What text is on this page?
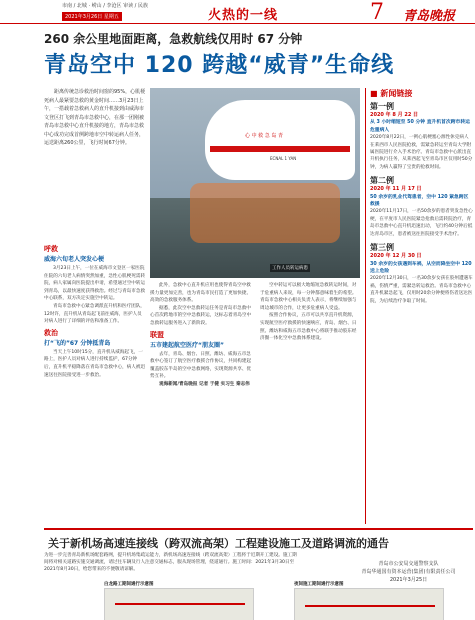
市南 / 北城 · 崂山 / 李沧区 审读 / 民族
2021年3月26日 星期五	火热的一线	7 青岛晚报
260 余公里地面距离，急救航线仅用时 67 分钟
青岛空中 120 跨越“威青”生命线
距离传统急诊救治时间窗的95%，心肌梗死病人最紧要急救的黄金时间……3月23日上午，一搭载着急救病人的直升机接到由威海市文登区打飞到青岛市急救中心，在那一团刚被青岛市急救中心直升机接的地方，青岛市急救中心成功完成首例跨地市空中转运病人任务，运送距离260公里，飞行时间67分钟。
心 中 救 急 岛 青
ECNAL 1 YAN
工作人员转运病患
呼救
威海六旬老人突发心梗

3月23日上午，一位在威海市文登区一家医院住院的六旬老人病情突然加重，急性心肌梗死需转院，病人家属向医院提出申请，希望通过空中转运到青岛，以最快速度获得救治。经过与青岛市急救中心联系，双方决定实施空中转运。

青岛市急救中心紧急调派直升机和医疗团队，12时许，直升机从青岛起飞前往威海，医护人员对病人进行了详细的评估和准备工作。

救治
打“飞的”67 分钟抵青岛

当天上午10时15分，直升机从威海起飞，一路上，医护人员对病人进行持续监护，67分钟后，直升机平稳降落在青岛市急救中心，病人被迅速送往医院接受进一步救治。

此外，急救中心直升机应用也使得青岛空中救援力量更加完善，也为青岛市民打造了更加快捷、高效的急救服务体系。

据悉，此次空中急救转运任务是青岛市急救中心首次跨地市的空中急救转运，这标志着青岛空中急救转运服务进入了新阶段。

联盟
五市建起航空医疗“朋友圈”

去年，青岛、烟台、日照、潍坊、威海五市急救中心签订了航空医疗救援合作协议，共同构建起覆盖胶东半岛的空中急救网络，实现资源共享、优势互补。

观海新闻/青岛晚报 记者 于健 实习生 秦志伟

空中转运可以极大地缩短急救转运时间，对于危重病人来说，每一分钟都意味着生的希望。青岛市急救中心相关负责人表示，将继续加强与周边城市的合作，让更多危重病人受益。

按照合作协议，五市可以共享直升机资源，实现航空医疗救援的快速响应，青岛、烟台、日照、潍坊和威海五市急救中心将联手推动胶东经济圈一体化空中急救体系建设。

■ 新闻链接
第一例
2020 年 8 月 22 日
从 3 小时缩短至 50 分钟 直升机首次跨市转运危重病人
2020年8月22日，一例心肌梗塞心源性休克病人在莱西市人民医院抢救，需紧急转运至青岛大学附属医院进行介入手术治疗。青岛市急救中心派出直升机执行任务，从莱西起飞至青岛市区仅用时50分钟，为病人赢得了宝贵的抢救时间。
第二例
2020 年 11 月 17 日
50 余岁的乳业代驾患者，空中 120 紧急跨区救援
2020年11月17日，一名50余岁的患者突发急性心梗，在平度市人民医院紧急抢救后需转院治疗，青岛市急救中心直升机迅速出动，飞行约40分钟后抵达青岛市区，患者被送往医院接受手术治疗。
第三例
2020 年 12 月 30 日
30 余岁的女孩遇到车祸，从空而降坐空中 120 送上危险
2020年12月30日，一名30余岁女孩在胶州遭遇车祸，伤情严重，需紧急转运救治。青岛市急救中心直升机紧急起飞，仅用时20余分钟便将伤者送达医院，为后续治疗争取了时间。
关于新机场高速连接线（跨双流高架）工程建设施工及道路调流的通告
为进一步完善青岛新机场配套路网，提升机场集疏运能力，新机场高速连接线（跨双流高架）工程将于近期开工建设。施工期间将对相关道路实施交通调流，请过往车辆及行人注意交通标志，服从现场管理，绕道通行。施工时间：2021年3月30日至2021年8月30日，给您带来的不便敬请谅解。
青岛市公安局交通警察支队
青岛华通国有资本运营(集团)有限责任公司
2021年3月25日
白龙路工期间通行示意图	夜间施工期间通行示意图
